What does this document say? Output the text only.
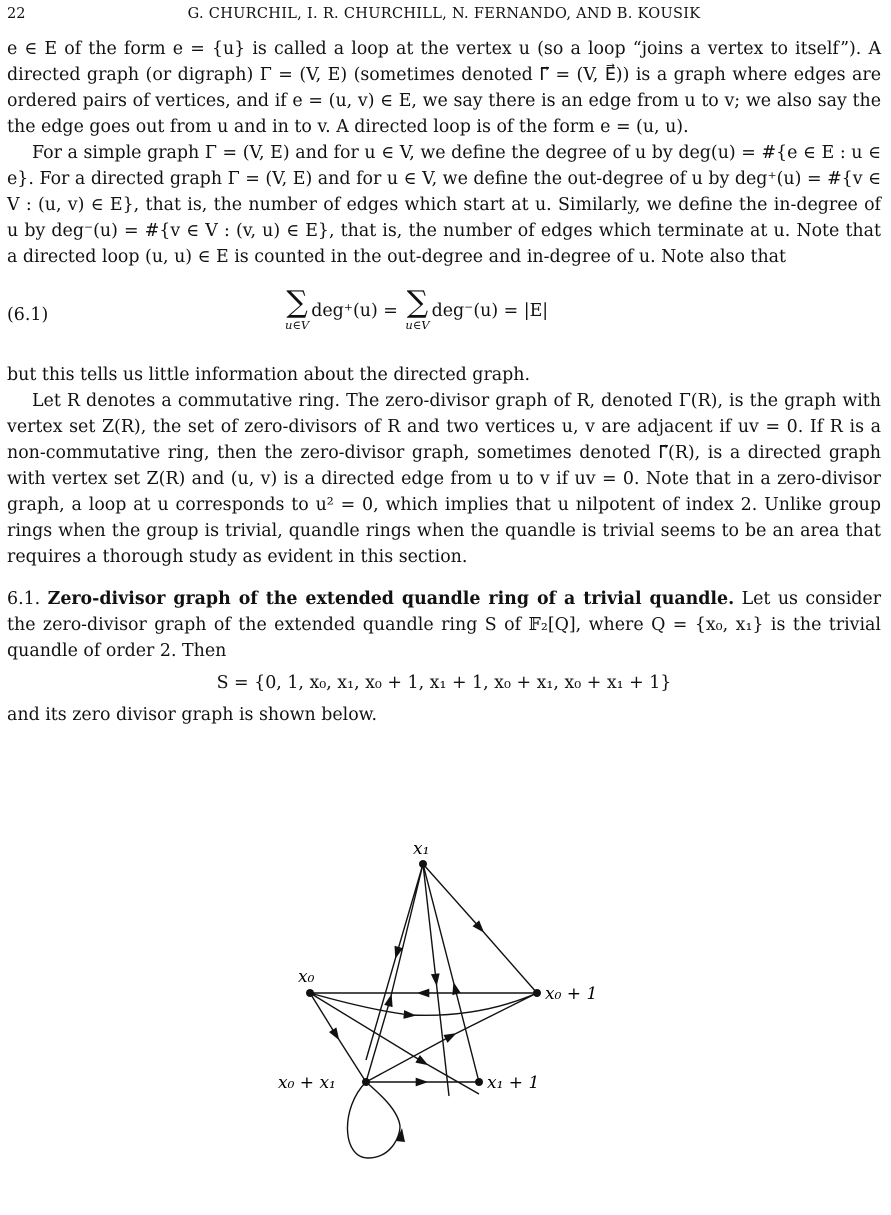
22	G. CHURCHIL, I. R. CHURCHILL, N. FERNANDO, AND B. KOUSIK

e ∈ E of the form e = {u} is called a loop at the vertex u (so a loop “joins a vertex to itself”). A directed graph (or digraph) Γ = (V, E) (sometimes denoted Γ⃗ = (V, E⃗)) is a graph where edges are ordered pairs of vertices, and if e = (u, v) ∈ E, we say there is an edge from u to v; we also say the the edge goes out from u and in to v. A directed loop is of the form e = (u, u).

For a simple graph Γ = (V, E) and for u ∈ V, we define the degree of u by deg(u) = #{e ∈ E : u ∈ e}. For a directed graph Γ = (V, E) and for u ∈ V, we define the out-degree of u by deg⁺(u) = #{v ∈ V : (u, v) ∈ E}, that is, the number of edges which start at u. Similarly, we define the in-degree of u by deg⁻(u) = #{v ∈ V : (v, u) ∈ E}, that is, the number of edges which terminate at u. Note that a directed loop (u, u) ∈ E is counted in the out-degree and in-degree of u. Note also that

(6.1)	∑
u∈V
deg⁺(u) = ∑
u∈V
deg⁻(u) = |E|

but this tells us little information about the directed graph.

Let R denotes a commutative ring. The zero-divisor graph of R, denoted Γ(R), is the graph with vertex set Z(R), the set of zero-divisors of R and two vertices u, v are adjacent if uv = 0. If R is a non-commutative ring, then the zero-divisor graph, sometimes denoted Γ⃗(R), is a directed graph with vertex set Z(R) and (u, v) is a directed edge from u to v if uv = 0. Note that in a zero-divisor graph, a loop at u corresponds to u² = 0, which implies that u nilpotent of index 2. Unlike group rings when the group is trivial, quandle rings when the quandle is trivial seems to be an area that requires a thorough study as evident in this section.

6.1. Zero-divisor graph of the extended quandle ring of a trivial quandle. Let us consider the zero-divisor graph of the extended quandle ring S of 𝔽₂[Q], where Q = {x₀, x₁} is the trivial quandle of order 2. Then

S = {0, 1, x₀, x₁, x₀ + 1, x₁ + 1, x₀ + x₁, x₀ + x₁ + 1}

and its zero divisor graph is shown below.

x₁
x₀
x₀ + 1
x₀ + x₁	x₁ + 1
